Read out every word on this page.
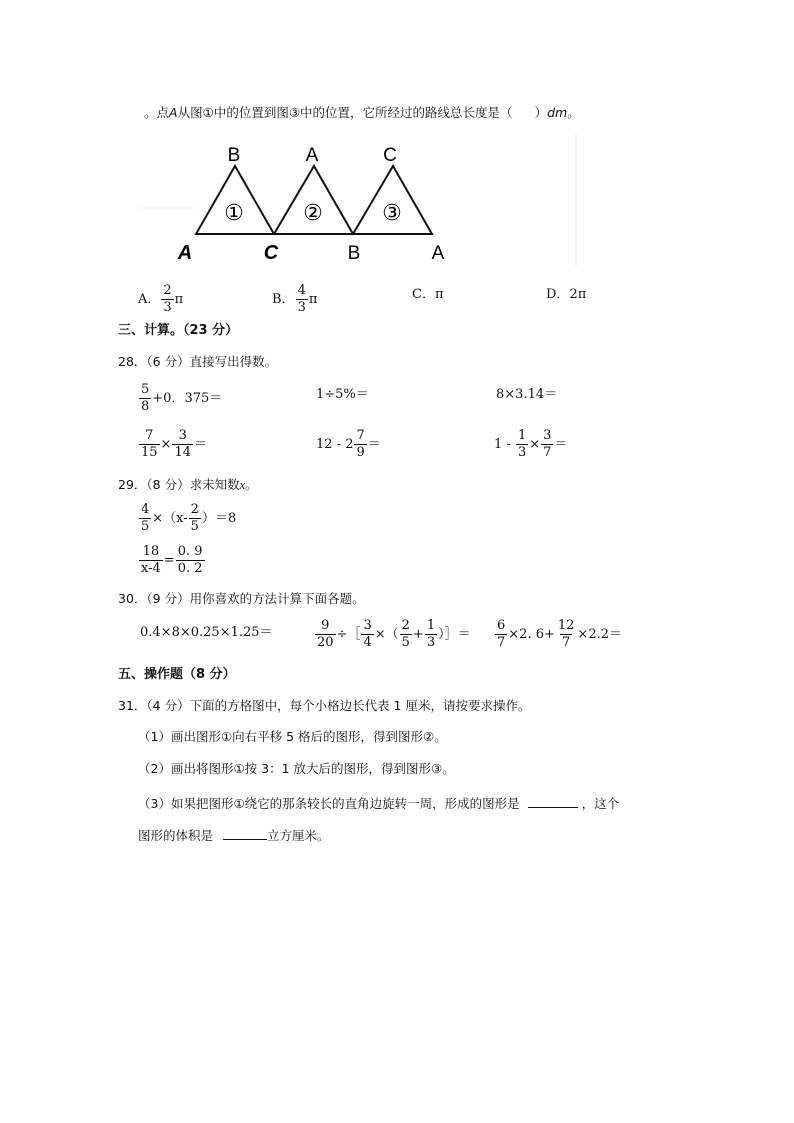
。点A从图①中的位置到图③中的位置，它所经过的路线总长度是（ ）dm。
B	A	C
①	②	③
A	C	B	A
A． $\frac{2}{3}$ π	B． $\frac{4}{3}$ π	C．π	D．2π
三、计算。（23 分）
28．（6 分）直接写出得数。
$\frac{5}{8} +0$．375＝	1÷5%＝	8×3.14＝
$\frac{7}{15} \times \frac{3}{14}$ ＝	$12 - 2 \frac{7}{9}$ ＝	$1 - \frac{1}{3} \times \frac{3}{7}$ ＝
29．（8 分）求未知数x。
$\frac{4}{5} \times(x- \frac{2}{5} )=8$
$\frac{18}{x-4} = \frac{0. 9}{0. 2}$
30．（9 分）用你喜欢的方法计算下面各题。
0.4×8×0.25×1.25＝	$\frac{9}{20}$ ÷［ $\frac{3}{4}$ ×（ $\frac{2}{5} + \frac{1}{3}$ ）］＝ $\frac{6}{7} \times 2$. $6+ \frac{12}{7} \times 2.2=$
五、操作题（8 分）
31．（4 分）下面的方格图中，每个小格边长代表 1 厘米，请按要求操作。
（1）画出图形①向右平移 5 格后的图形，得到图形②。
（2）画出将图形①按 3：1 放大后的图形，得到图形③。
（3）如果把图形①绕它的那条较长的直角边旋转一周，形成的图形是	，这个
图形的体积是	立方厘米。
